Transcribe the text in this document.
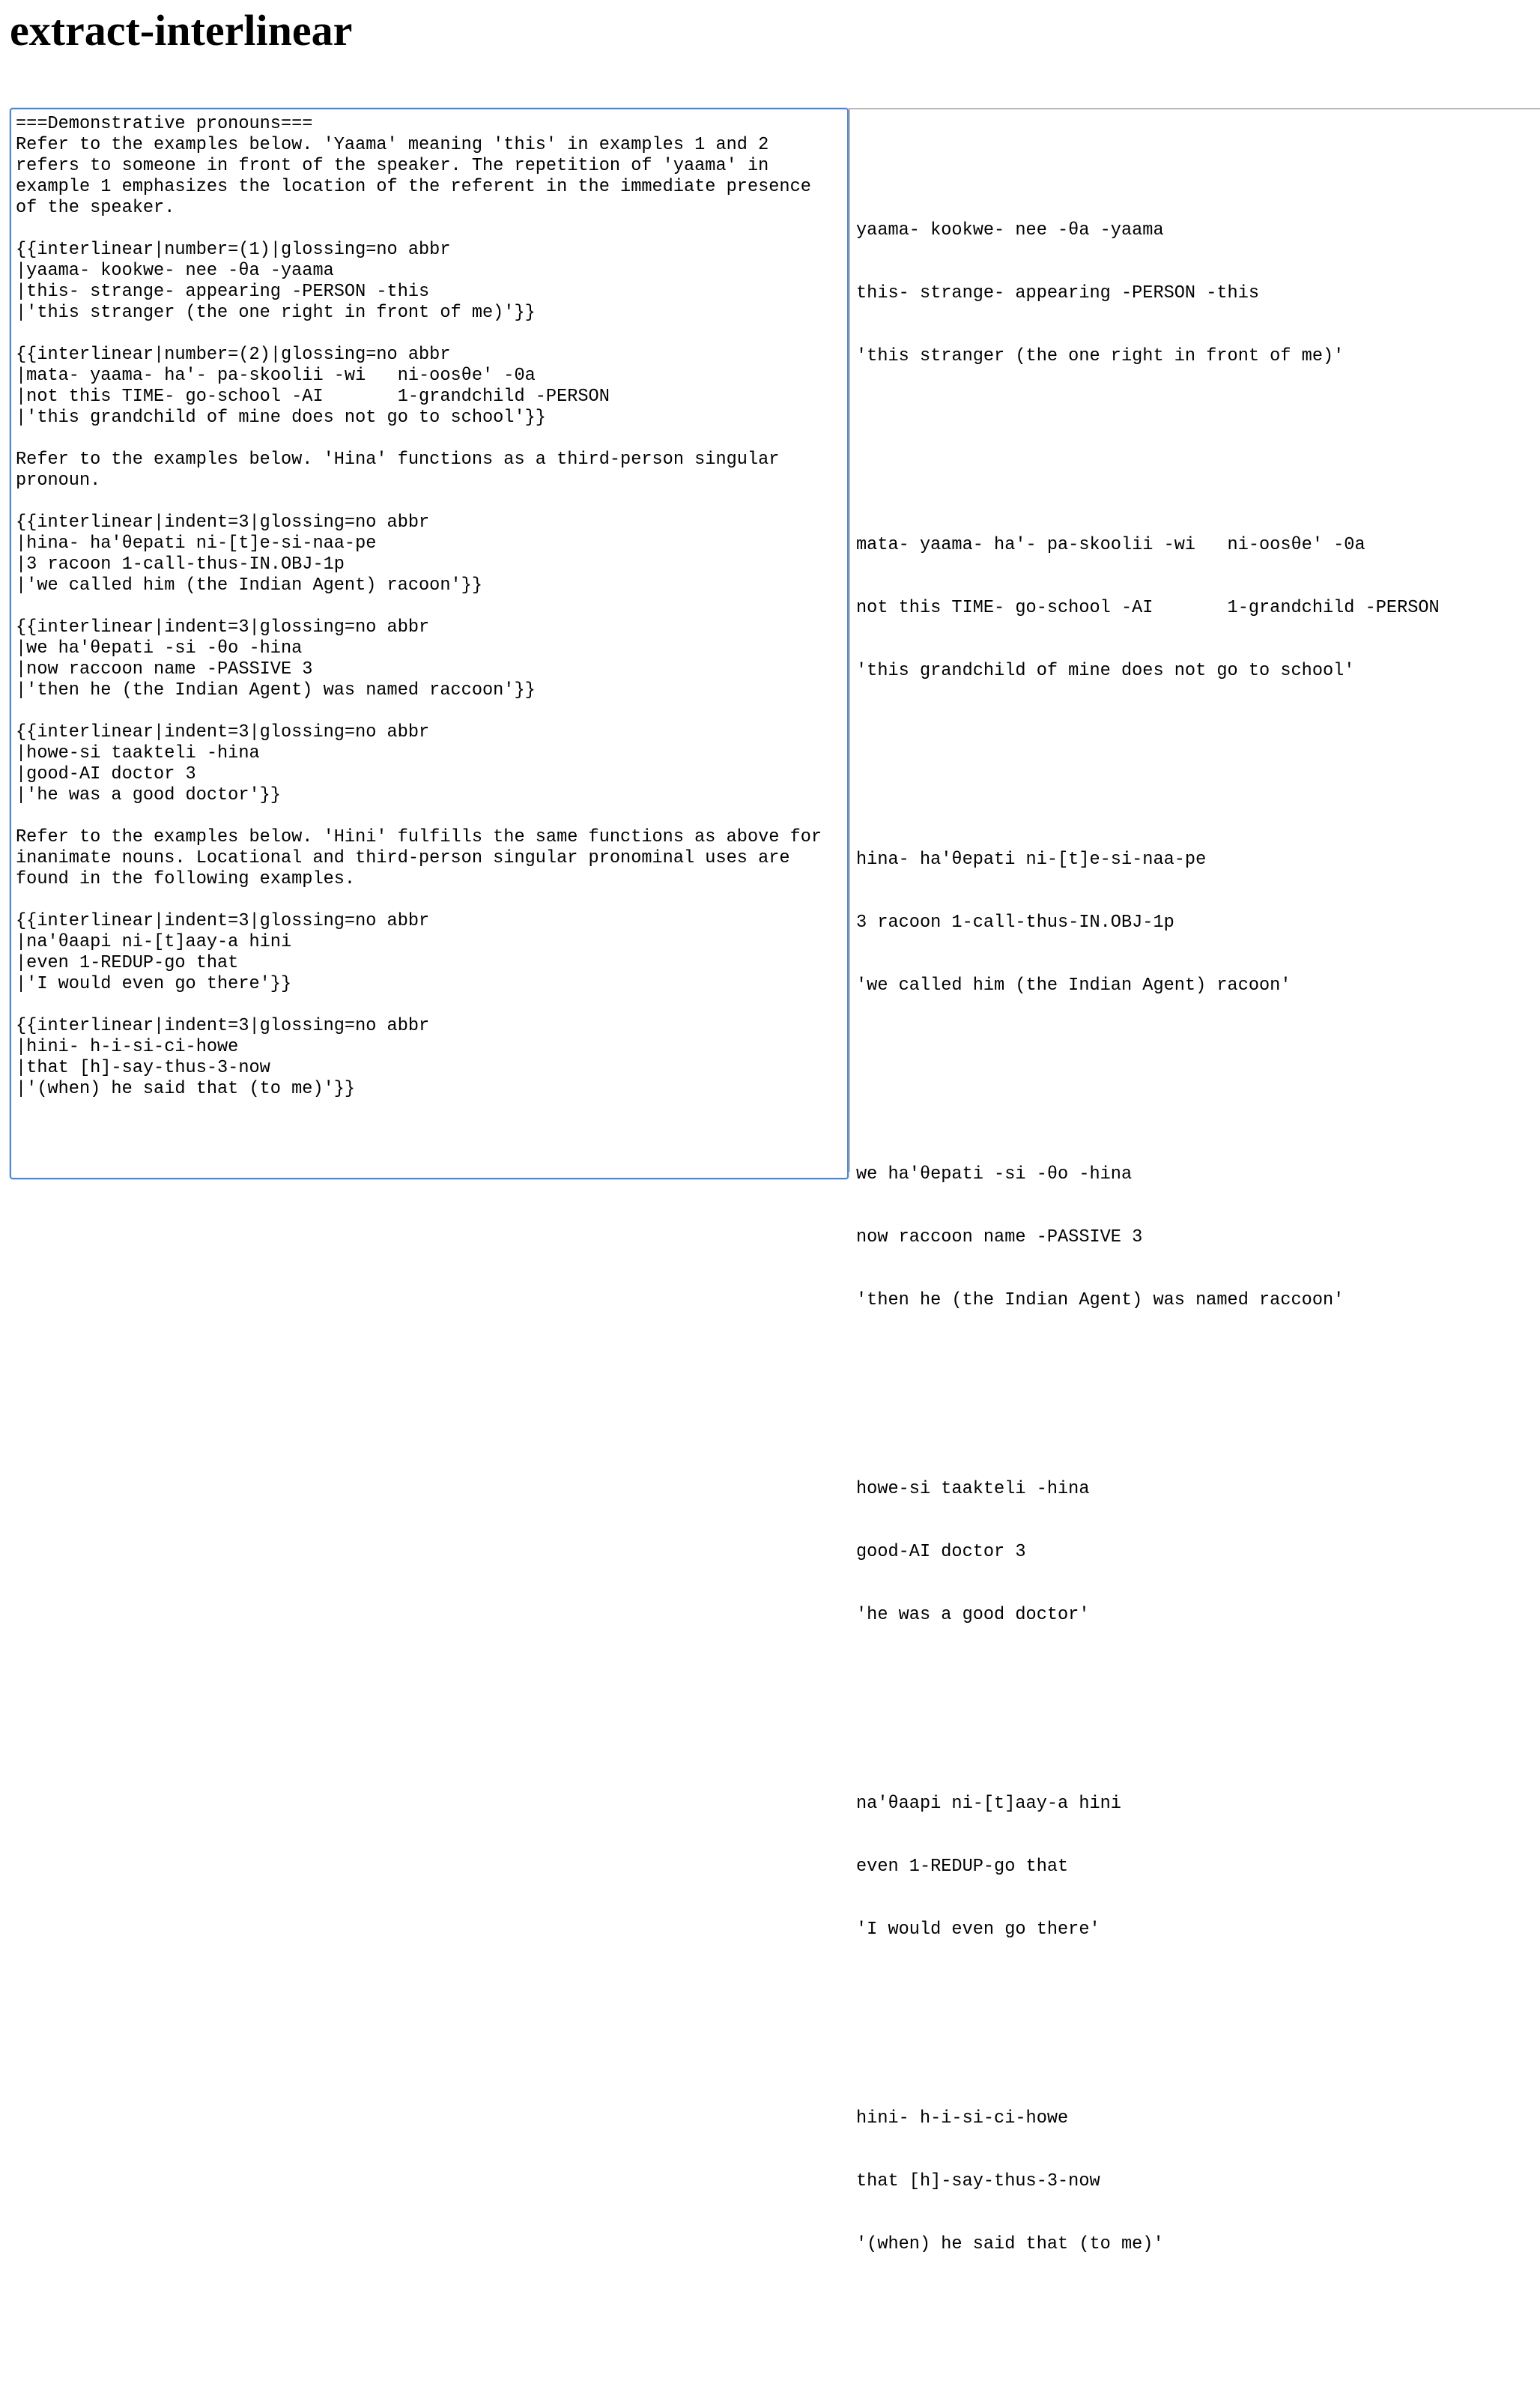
extract-interlinear
===Demonstrative pronouns=== Refer to the examples below. 'Yaama' meaning 'this' in examples 1 and 2 refers to someone in front of the speaker. The repetition of 'yaama' in example 1 emphasizes the location of the referent in the immediate presence of the speaker. {{interlinear|number=(1)|glossing=no abbr |yaama- kookwe- nee -θa -yaama |this- strange- appearing -PERSON -this |'this stranger (the one right in front of me)'}} {{interlinear|number=(2)|glossing=no abbr |mata- yaama- ha'- pa-skoolii -wi ni-oosθe' -0a |not this TIME- go-school -AI 1-grandchild -PERSON |'this grandchild of mine does not go to school'}} Refer to the examples below. 'Hina' functions as a third-person singular pronoun. {{interlinear|indent=3|glossing=no abbr |hina- ha'θepati ni-[t]e-si-naa-pe |3 racoon 1-call-thus-IN.OBJ-1p |'we called him (the Indian Agent) racoon'}} {{interlinear|indent=3|glossing=no abbr |we ha'θepati -si -θo -hina |now raccoon name -PASSIVE 3 |'then he (the Indian Agent) was named raccoon'}} {{interlinear|indent=3|glossing=no abbr |howe-si taakteli -hina |good-AI doctor 3 |'he was a good doctor'}} Refer to the examples below. 'Hini' fulfills the same functions as above for inanimate nouns. Locational and third-person singular pronominal uses are found in the following examples. {{interlinear|indent=3|glossing=no abbr |na'θaapi ni-[t]aay-a hini |even 1-REDUP-go that |'I would even go there'}} {{interlinear|indent=3|glossing=no abbr |hini- h-i-si-ci-howe |that [h]-say-thus-3-now |'(when) he said that (to me)'}}

yaama- kookwe- nee -θa -yaama

this- strange- appearing -PERSON -this

'this stranger (the one right in front of me)'

mata- yaama- ha'- pa-skoolii -wi   ni-oosθe' -0a

not this TIME- go-school -AI       1-grandchild -PERSON

'this grandchild of mine does not go to school'

hina- ha'θepati ni-[t]e-si-naa-pe

3 racoon 1-call-thus-IN.OBJ-1p

'we called him (the Indian Agent) racoon'

we ha'θepati -si -θo -hina

now raccoon name -PASSIVE 3

'then he (the Indian Agent) was named raccoon'

howe-si taakteli -hina

good-AI doctor 3

'he was a good doctor'

na'θaapi ni-[t]aay-a hini

even 1-REDUP-go that

'I would even go there'

hini- h-i-si-ci-howe

that [h]-say-thus-3-now

'(when) he said that (to me)'
